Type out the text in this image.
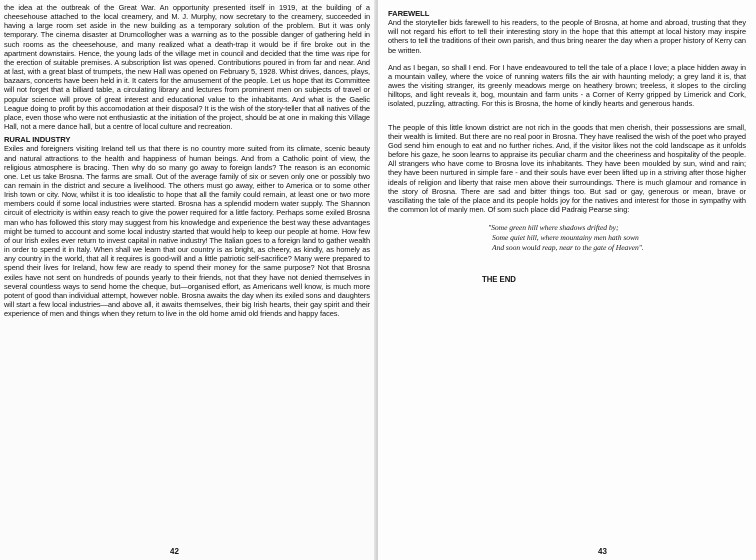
the idea at the outbreak of the Great War. An opportunity presented itself in 1919, at the building of a cheesehouse attached to the local creamery, and M. J. Murphy, now secretary to the creamery, succeeded in having a large room set aside in the new building as a temporary solution of the problem. But it was only temporary. The cinema disaster at Drumcollogher was a warning as to the possible danger of gathering held in such rooms as the cheesehouse, and many realized what a death-trap it would be if fire broke out in the apartment downstairs. Hence, the young lads of the village met in council and decided that the time was ripe for the erection of suitable premises. A subscription list was opened. Contributions poured in from far and near. And at last, with a great blast of trumpets, the new Hall was opened on February 5, 1928. Whist drives, dances, plays, bazaars, concerts have been held in it. It caters for the amusement of the people. Let us hope that its Committee will not forget that a billiard table, a circulating library and lectures from prominent men on subjects of travel or popular science will prove of great interest and educational value to the inhabitants. And what is the Gaelic League doing to profit by this accomodation at their disposal? It is the wish of the story-teller that all natives of the place, even those who were not enthusiastic at the initiation of the project, should be at one in making this Village Hall, not a mere dance hall, but a centre of local culture and recreation.

RURAL INDUSTRY

Exiles and foreigners visiting Ireland tell us that there is no country more suited from its climate, scenic beauty and natural attractions to the health and happiness of human beings. And from a Catholic point of view, the religious atmosphere is bracing. Then why do so many go away to foreign lands? The reason is an economic one. Let us take Brosna. The farms are small. Out of the average family of six or seven only one or possibly two can remain in the district and secure a livelihood. The others must go away, either to America or to some other Irish town or city. Now, whilst it is too idealistic to hope that all the family could remain, at least one or two more members could if some local industries were started. Brosna has a splendid modern water supply. The Shannon circuit of electricity is within easy reach to give the power required for a little factory. Perhaps some exiled Brosna man who has followed this story may suggest from his knowledge and experience the best way these advantages might be turned to account and some local industry started that would help to keep our people at home. How few of our Irish exiles ever return to invest capital in native industry! The Italian goes to a foreign land to gather wealth in order to spend it in Italy. When shall we learn that our country is as bright, as cheery, as kindly, as homely as any country in the world, that all it requires is good-will and a little patriotic self-sacrifice? Many were prepared to spend their lives for Ireland, how few are ready to spend their money for the same purpose? Not that Brosna exiles have not sent on hundreds of pounds yearly to their friends, not that they have not denied themselves in several countless ways to send home the cheque, but—organised effort, as Americans well know, is much more potent of good than individual attempt, however noble. Brosna awaits the day when its exiled sons and daughters will start a few local industries—and above all, it awaits themselves, their big Irish hearts, their gay spirit and their experience of men and things when they return to live in the old home amid old friends and happy faces.

42
FAREWELL

And the storyteller bids farewell to his readers, to the people of Brosna, at home and abroad, trusting that they will not regard his effort to tell their interesting story in the hope that this attempt at local history may inspire others to tell the traditions of their own parish, and thus bring nearer the day when a proper history of Kerry can be written.

And as I began, so shall I end. For I have endeavoured to tell the tale of a place I love; a place hidden away in a mountain valley, where the voice of running waters fills the air with haunting melody; a grey land it is, that awes the visiting stranger, its greenly meadows merge on heathery brown; treeless, it slopes to the circling hilltops, and light reveals it, bog, mountain and farm units - a Corner of Kerry gripped by Limerick and Cork, isolated, puzzling, attracting. For this is Brosna, the home of kindly hearts and generous hands.

The people of this little known district are not rich in the goods that men cherish, their possessions are small, their wealth is limited. But there are no real poor in Brosna. They have realised the wish of the poet who prayed God send him enough to eat and no further riches. And, if the visitor likes not the cold landscape as it unfolds before his gaze, he soon learns to appraise its peculiar charm and the cheeriness and hospitality of the people. All strangers who have come to Brosna love its inhabitants. They have been moulded by sun, wind and rain; they have been nurtured in simple fare - and their souls have ever been lifted up in a striving after those higher ideals of religion and liberty that raise men above their surroundings. There is much glamour and romance in the story of Brosna. There are sad and bitter things too. But sad or gay, generous or mean, brave or vascillating the tale of the place and its people holds joy for the natives and interest for those in sympathy with the common lot of manly men. Of som such place did Padraig Pearse sing:

"Some green hill where shadows drifted by;
Some quiet hill, where mountainy men hath sown
And soon would reap, near to the gate of Heaven".
THE END
43
